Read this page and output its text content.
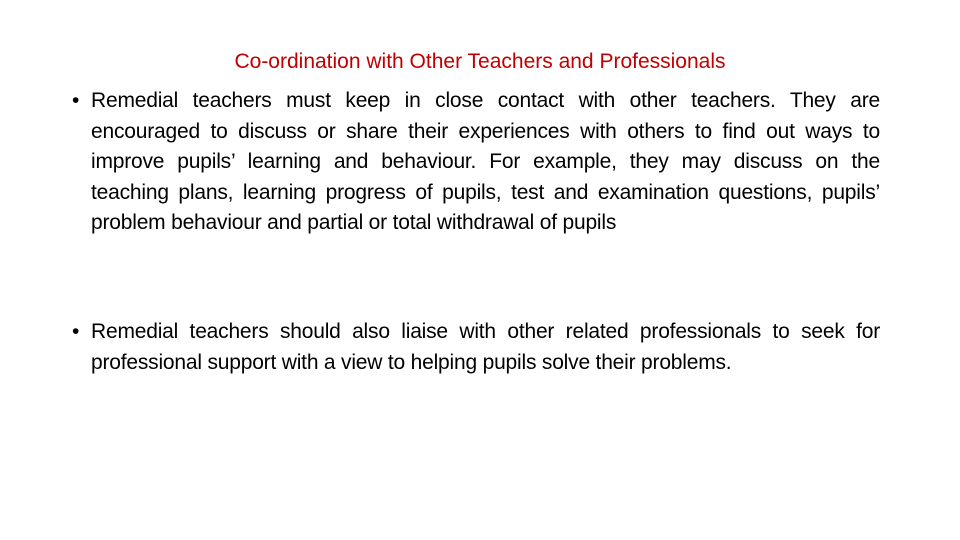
Co-ordination with Other Teachers and Professionals
• Remedial teachers must keep in close contact with other teachers. They are encouraged to discuss or share their experiences with others to find out ways to improve pupils’ learning and behaviour. For example, they may discuss on the teaching plans, learning progress of pupils, test and examination questions, pupils’ problem behaviour and partial or total withdrawal of pupils
• Remedial teachers should also liaise with other related professionals to seek for professional support with a view to helping pupils solve their problems.
